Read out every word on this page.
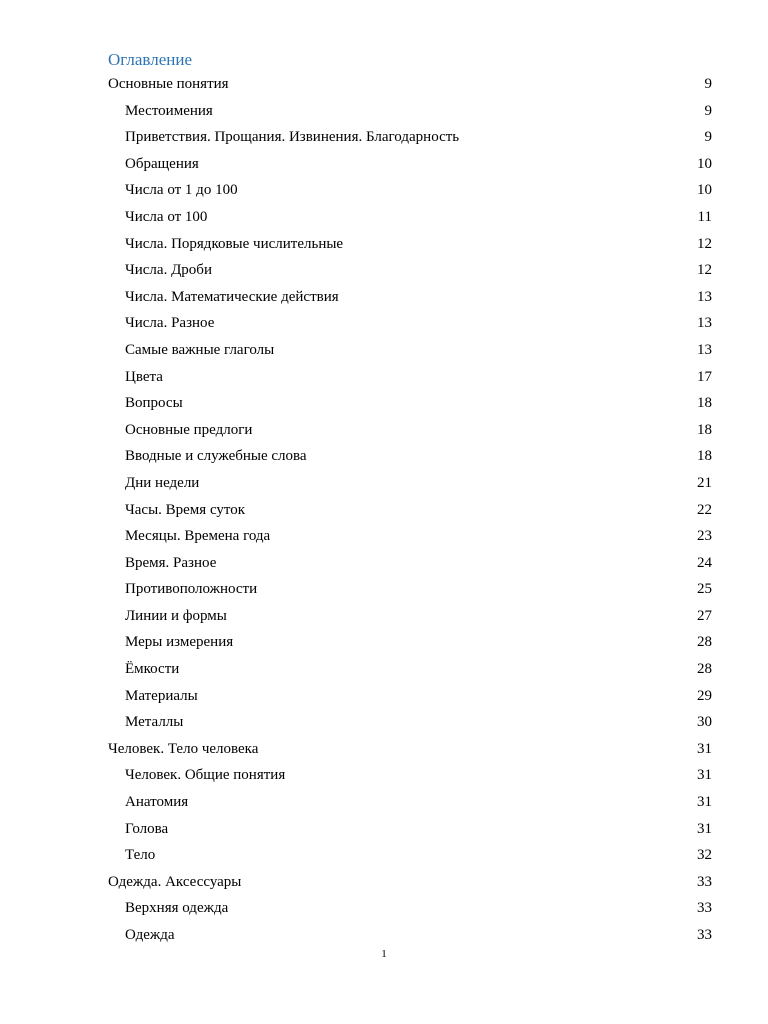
Оглавление
Основные понятия	9
Местоимения	9
Приветствия. Прощания. Извинения. Благодарность	9
Обращения	10
Числа от 1 до 100	10
Числа от 100	11
Числа. Порядковые числительные	12
Числа. Дроби	12
Числа. Математические действия	13
Числа. Разное	13
Самые важные глаголы	13
Цвета	17
Вопросы	18
Основные предлоги	18
Вводные и служебные слова	18
Дни недели	21
Часы. Время суток	22
Месяцы. Времена года	23
Время. Разное	24
Противоположности	25
Линии и формы	27
Меры измерения	28
Ёмкости	28
Материалы	29
Металлы	30
Человек. Тело человека	31
Человек. Общие понятия	31
Анатомия	31
Голова	31
Тело	32
Одежда. Аксессуары	33
Верхняя одежда	33
Одежда	33
1
